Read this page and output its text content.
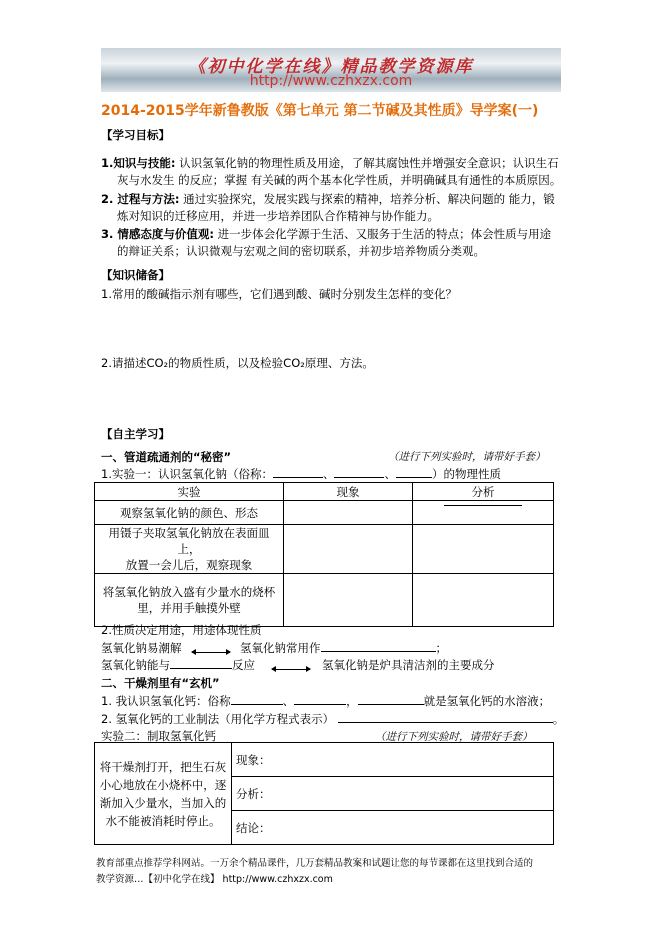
《初中化学在线》精品教学资源库
http://www.czhxzx.com
2014-2015学年新鲁教版《第七单元 第二节碱及其性质》导学案(一)
【学习目标】
1.知识与技能: 认识氢氧化钠的物理性质及用途，了解其腐蚀性并增强安全意识；认识生石
灰与水发生 的反应；掌握 有关碱的两个基本化学性质，并明确碱具有通性的本质原因。
2. 过程与方法: 通过实验探究，发展实践与探索的精神，培养分析、解决问题的 能力，锻
炼对知识的迁移应用，并进一步培养团队合作精神与协作能力。
3. 情感态度与价值观: 进一步体会化学源于生活、又服务于生活的特点；体会性质与用途
的辩证关系；认识微观与宏观之间的密切联系，并初步培养物质分类观。
【知识储备】
1.常用的酸碱指示剂有哪些，它们遇到酸、碱时分别发生怎样的变化？
2.请描述CO₂的物质性质，以及检验CO₂原理、方法。
【自主学习】
一、管道疏通剂的“秘密”	（进行下列实验时，请带好手套）
1.实验一：认识氢氧化钠（俗称：	、	、	）的物理性质
实验	现象	分析
观察氢氧化钠的颜色、形态		

用镊子夹取氢氧化钠放在表面皿上，
放置一会儿后，观察现象		

将氢氧化钠放入盛有少量水的烧杯
里，并用手触摸外壁		

2.性质决定用途，用途体现性质
氢氧化钠易潮解	氢氧化钠常用作	；
氢氧化钠能与	反应	氢氧化钠是炉具清洁剂的主要成分
二、干燥剂里有“玄机”
1. 我认识氢氧化钙：俗称	、	，	就是氢氧化钙的水溶液；
2. 氢氧化钙的工业制法（用化学方程式表示）	。
实验二：制取氢氧化钙	（进行下列实验时，请带好手套）
将干燥剂打开，把生石灰
小心地放在小烧杯中，逐
渐加入少量水，当加入的
水不能被消耗时停止。
	现象：
分析：
结论：
教育部重点推荐学科网站。一万余个精品课件，几万套精品教案和试题让您的每节课都在这里找到合适的
教学资源…【初中化学在线】 http://www.czhxzx.com
